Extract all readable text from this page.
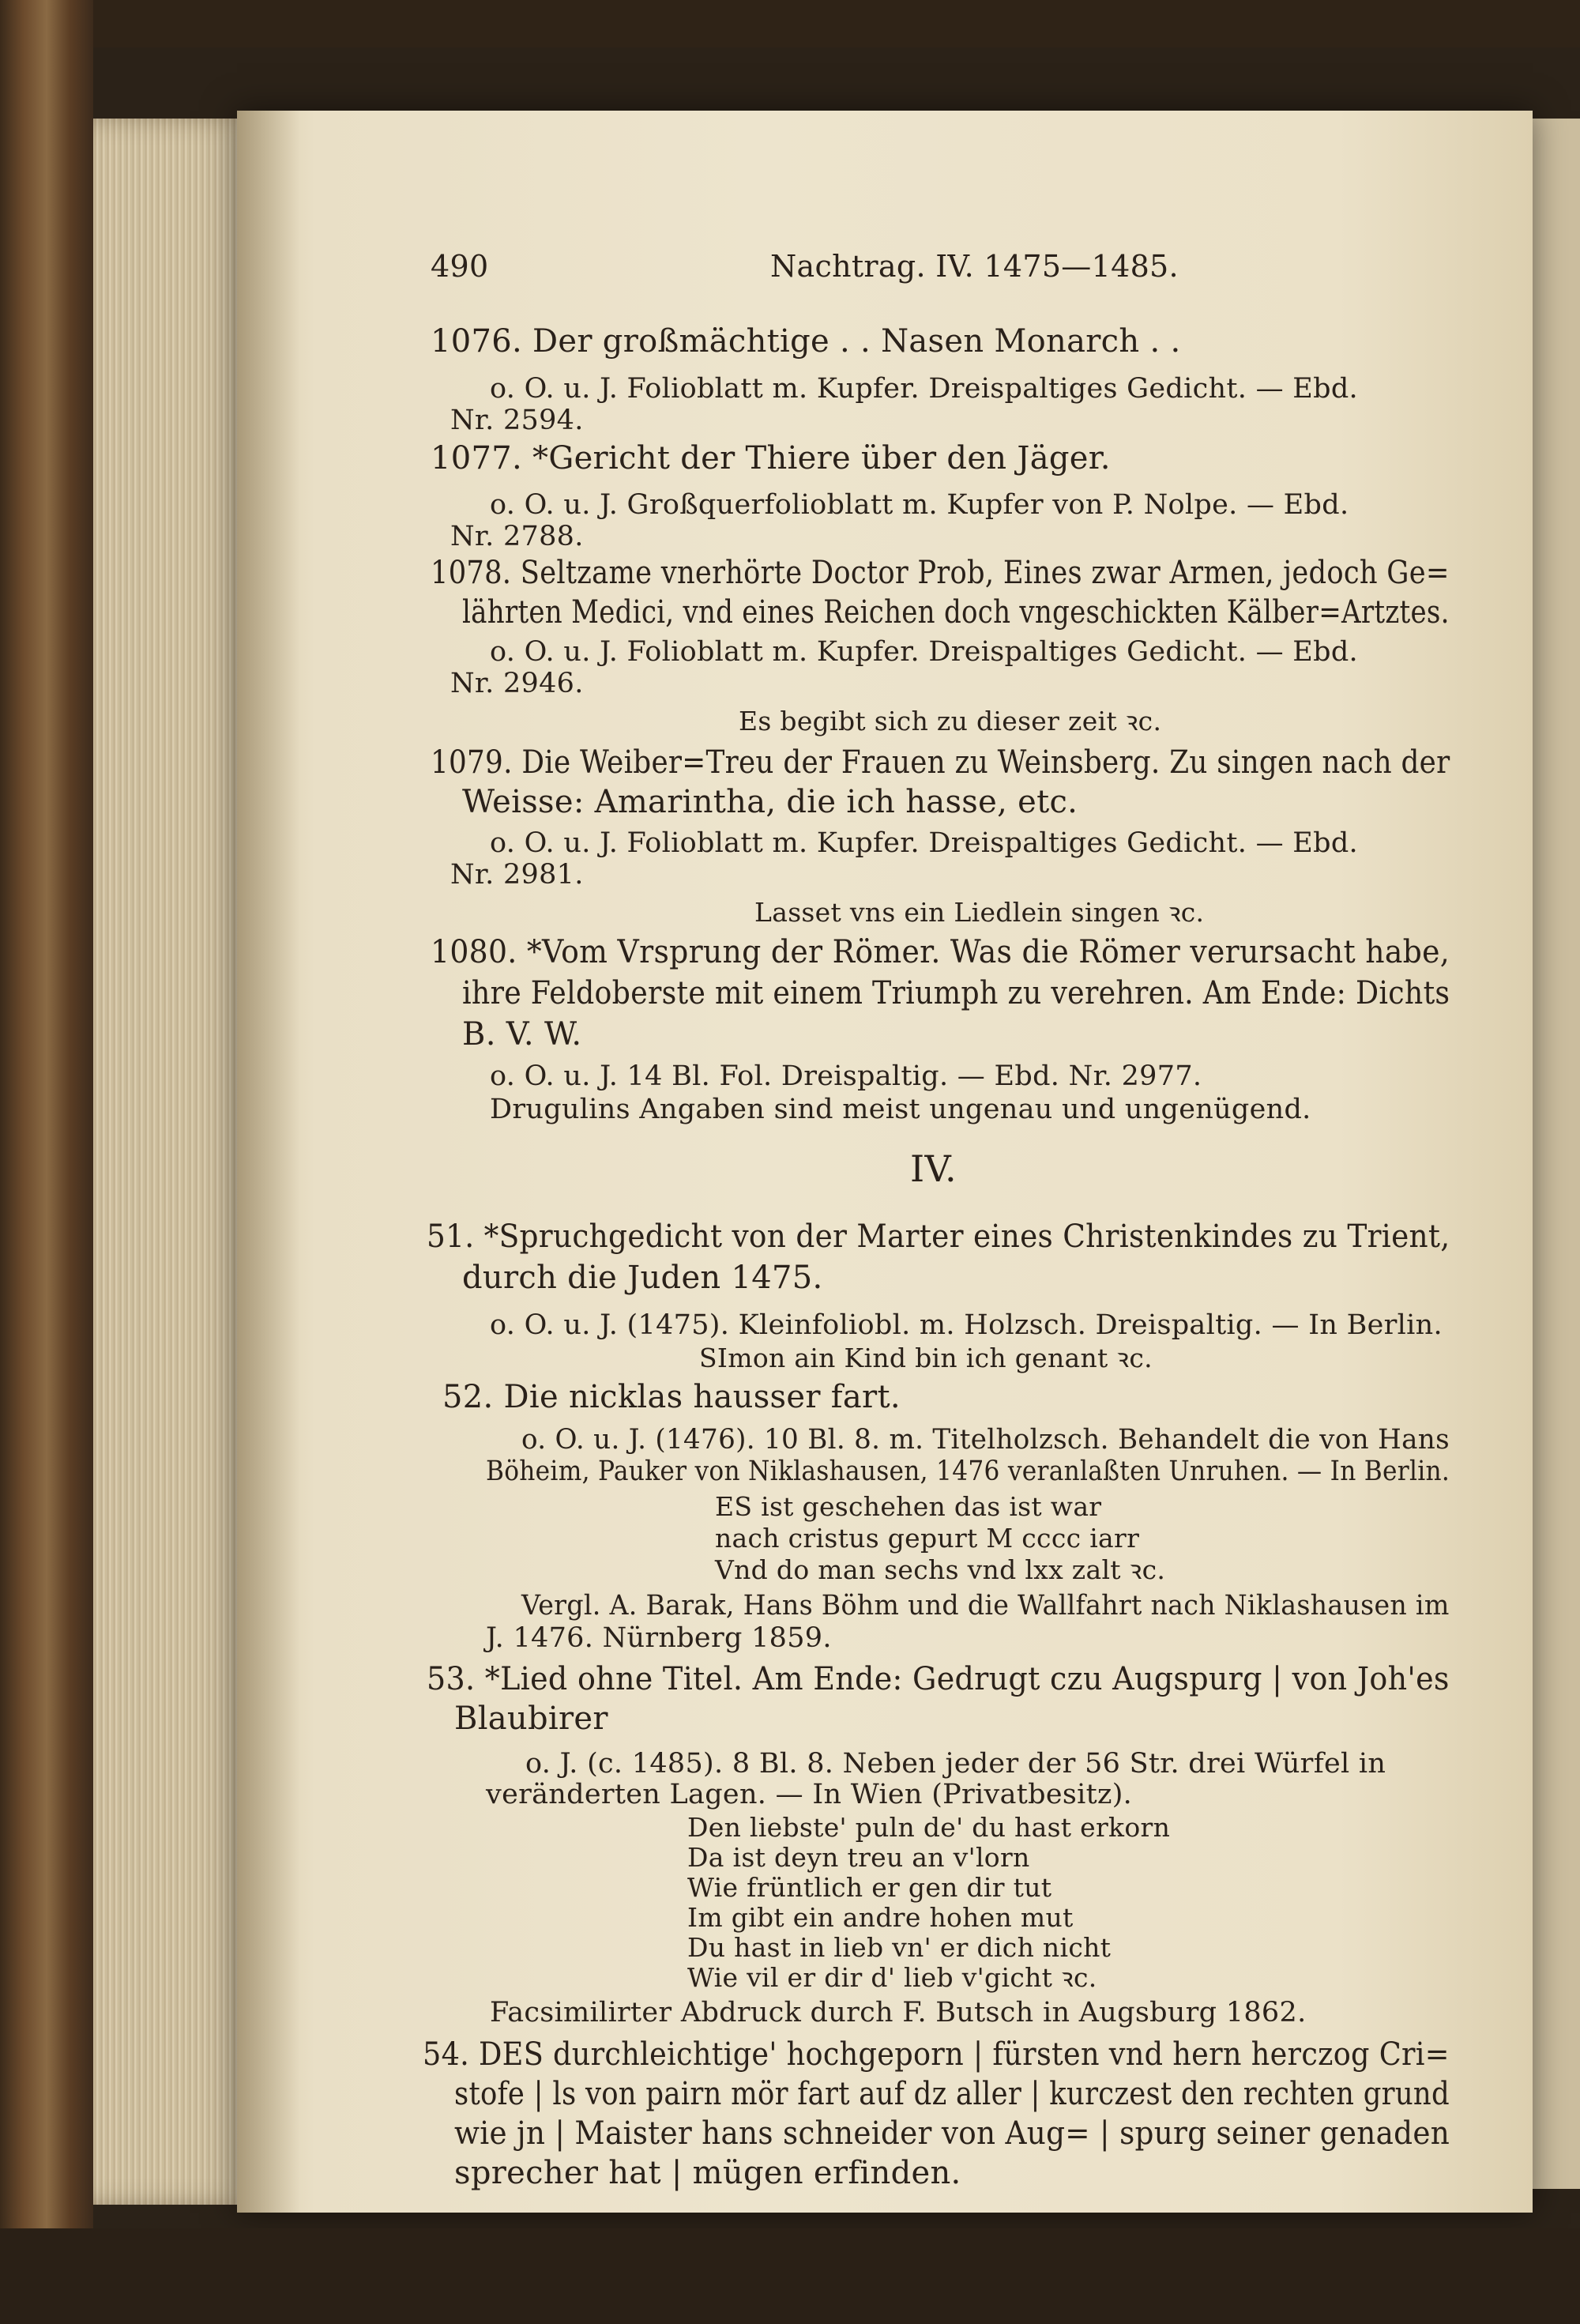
490	Nachtrag. IV. 1475—1485.
1076. Der großmächtige . . Nasen Monarch . .
o. O. u. J. Folioblatt m. Kupfer. Dreispaltiges Gedicht. — Ebd.
Nr. 2594.
1077. *Gericht der Thiere über den Jäger.
o. O. u. J. Großquerfolioblatt m. Kupfer von P. Nolpe. — Ebd.
Nr. 2788.
1078. Seltzame vnerhörte Doctor Prob, Eines zwar Armen, jedoch Ge=
lährten Medici, vnd eines Reichen doch vngeschickten Kälber=Artztes.
o. O. u. J. Folioblatt m. Kupfer. Dreispaltiges Gedicht. — Ebd.
Nr. 2946.
Es begibt sich zu dieser zeit ꝛc.
1079. Die Weiber=Treu der Frauen zu Weinsberg. Zu singen nach der
Weisse: Amarintha, die ich hasse, etc.
o. O. u. J. Folioblatt m. Kupfer. Dreispaltiges Gedicht. — Ebd.
Nr. 2981.
Lasset vns ein Liedlein singen ꝛc.
1080. *Vom Vrsprung der Römer. Was die Römer verursacht habe,
ihre Feldoberste mit einem Triumph zu verehren. Am Ende: Dichts
B. V. W.
o. O. u. J. 14 Bl. Fol. Dreispaltig. — Ebd. Nr. 2977.
Drugulins Angaben sind meist ungenau und ungenügend.
IV.
51. *Spruchgedicht von der Marter eines Christenkindes zu Trient,
durch die Juden 1475.
o. O. u. J. (1475). Kleinfoliobl. m. Holzsch. Dreispaltig. — In Berlin.
SImon ain Kind bin ich genant ꝛc.
52. Die nicklas hausser fart.
o. O. u. J. (1476). 10 Bl. 8. m. Titelholzsch. Behandelt die von Hans
Böheim, Pauker von Niklashausen, 1476 veranlaßten Unruhen. — In Berlin.
ES ist geschehen das ist war
nach cristus gepurt M cccc iarr
Vnd do man sechs vnd lxx zalt ꝛc.
Vergl. A. Barak, Hans Böhm und die Wallfahrt nach Niklashausen im
J. 1476. Nürnberg 1859.
53. *Lied ohne Titel. Am Ende: Gedrugt czu Augspurg | von Joh'es
Blaubirer
o. J. (c. 1485). 8 Bl. 8. Neben jeder der 56 Str. drei Würfel in
veränderten Lagen. — In Wien (Privatbesitz).
Den liebste' puln de' du hast erkorn
Da ist deyn treu an v'lorn
Wie früntlich er gen dir tut
Im gibt ein andre hohen mut
Du hast in lieb vn' er dich nicht
Wie vil er dir d' lieb v'gicht ꝛc.
Facsimilirter Abdruck durch F. Butsch in Augsburg 1862.
54. DES durchleichtige' hochgeporn | fürsten vnd hern herczog Cri=
stofe | ls von pairn mör fart auf dz aller | kurczest den rechten grund
wie jn | Maister hans schneider von Aug= | spurg seiner genaden
sprecher hat | mügen erfinden.
